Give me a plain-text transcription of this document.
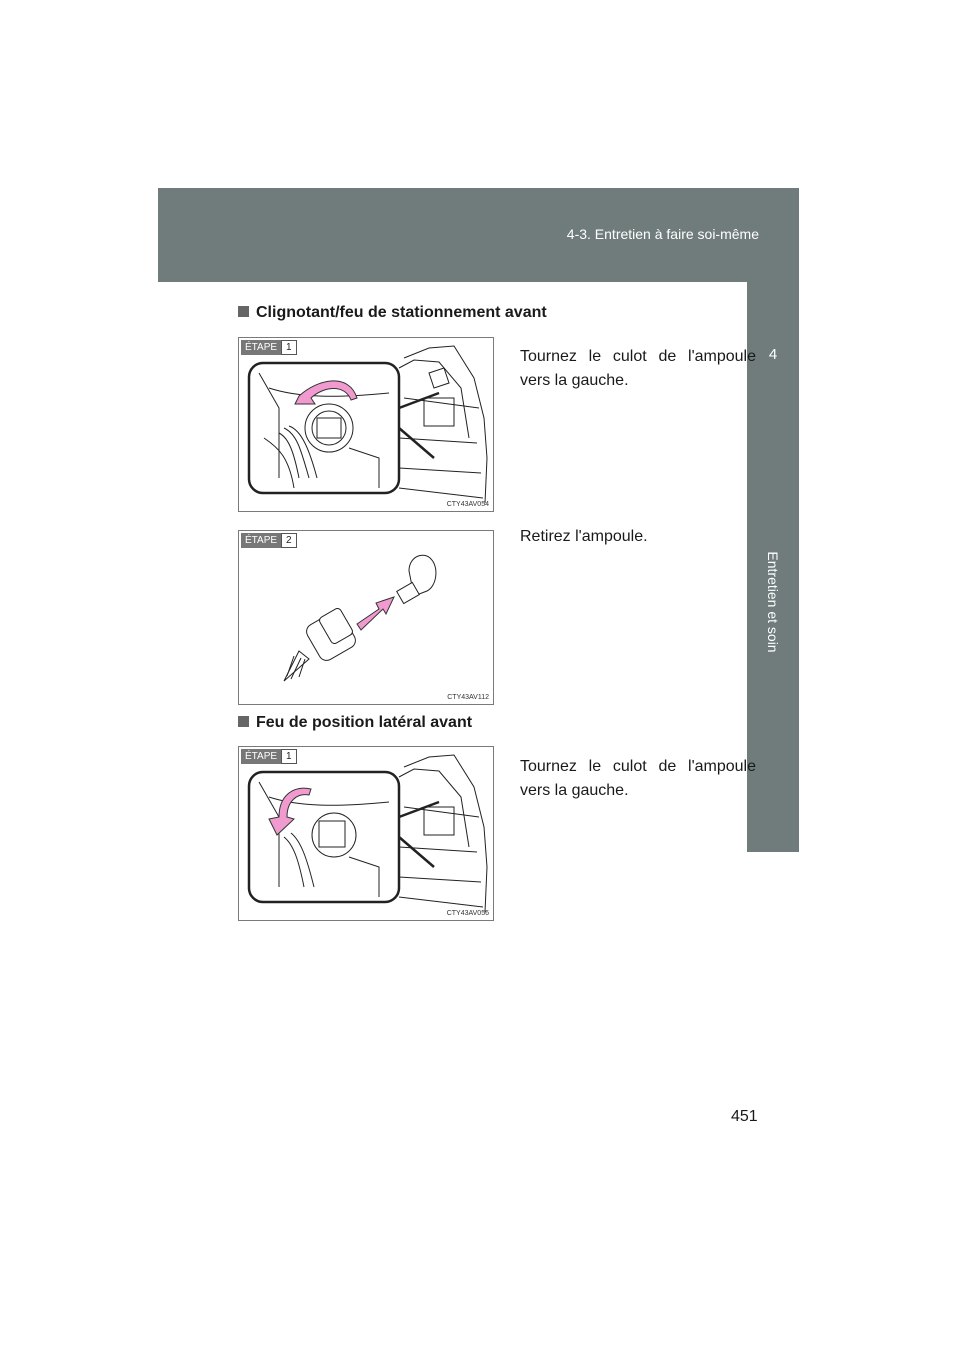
4-3. Entretien à faire soi-même
4
Entretien et soin
Clignotant/feu de stationnement avant
ÉTAPE 1
CTY43AV054
Tournez le culot de l'ampoule vers la gauche.
ÉTAPE 2
CTY43AV112
Retirez l'ampoule.
Feu de position latéral avant
ÉTAPE 1
CTY43AV056
Tournez le culot de l'ampoule vers la gauche.
451
